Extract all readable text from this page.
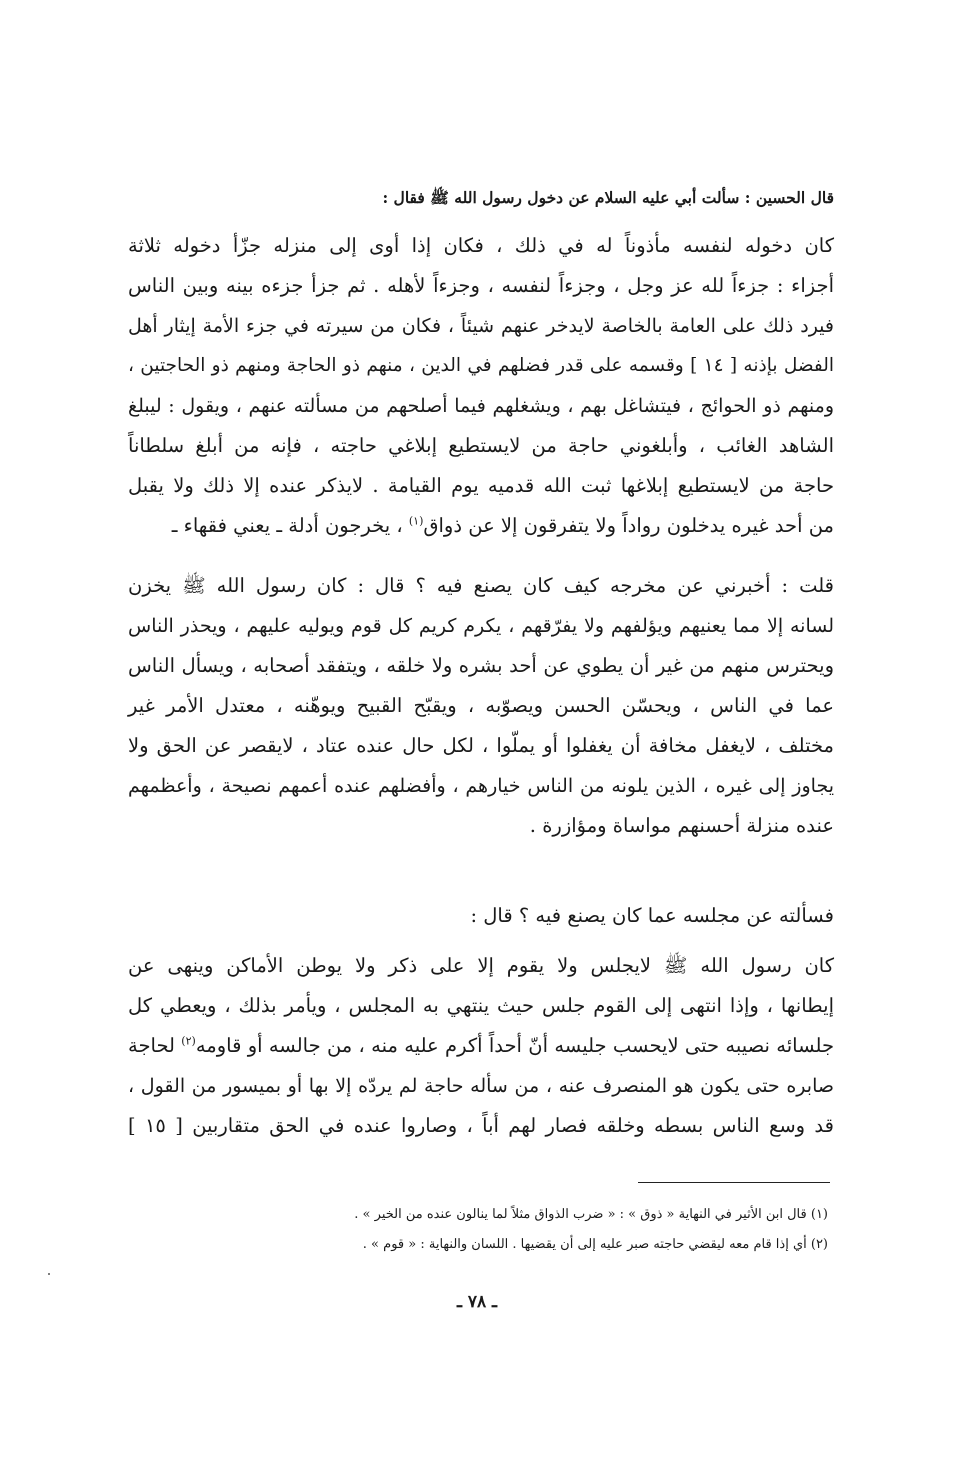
قال الحسين : سألت أبي عليه السلام عن دخول رسول الله ﷺ فقال :
كان دخوله لنفسه مأذوناً له في ذلك ، فكان إذا أوى إلى منزله جزّأ دخوله ثلاثة
أجزاء : جزءاً لله عز وجل ، وجزءاً لنفسه ، وجزءاً لأهله . ثم جزأ جزءه بينه وبين الناس
فيرد ذلك على العامة بالخاصة لايدخر عنهم شيئاً ، فكان من سيرته في جزء الأمة إيثار أهل
الفضل بإذنه [ ١٤ ] وقسمه على قدر فضلهم في الدين ، منهم ذو الحاجة ومنهم ذو الحاجتين ،
ومنهم ذو الحوائج ، فيتشاغل بهم ، ويشغلهم فيما أصلحهم من مسألته عنهم ، ويقول : ليبلغ
الشاهد الغائب ، وأبلغوني حاجة من لايستطيع إبلاغي حاجته ، فإنه من أبلغ سلطاناً
حاجة من لايستطيع إبلاغها ثبت الله قدميه يوم القيامة . لايذكر عنده إلا ذلك ولا يقبل
من أحد غيره يدخلون رواداً ولا يتفرقون إلا عن ذواق$^{(١)}$ ، يخرجون أدلة ـ يعني فقهاء ـ
قلت : أخبرني عن مخرجه كيف كان يصنع فيه ؟ قال : كان رسول الله ﷺ يخزن
لسانه إلا مما يعنيهم ويؤلفهم ولا يفرّقهم ، يكرم كريم كل قوم ويوليه عليهم ، ويحذر الناس
ويحترس منهم من غير أن يطوي عن أحد بشره ولا خلقه ، ويتفقد أصحابه ، ويسأل الناس
عما في الناس ، ويحسّن الحسن ويصوّبه ، ويقبّح القبيح ويوهّنه ، معتدل الأمر غير
مختلف ، لايغفل مخافة أن يغفلوا أو يملّوا ، لكل حال عنده عتاد ، لايقصر عن الحق ولا
يجاوز إلى غيره ، الذين يلونه من الناس خيارهم ، وأفضلهم عنده أعمهم نصيحة ، وأعظمهم
عنده منزلة أحسنهم مواساة ومؤازرة .
فسألته عن مجلسه عما كان يصنع فيه ؟ قال :
كان رسول الله ﷺ لايجلس ولا يقوم إلا على ذكر ولا يوطن الأماكن وينهى عن
إيطانها ، وإذا انتهى إلى القوم جلس حيث ينتهي به المجلس ، ويأمر بذلك ، ويعطي كل
جلسائه نصيبه حتى لايحسب جليسه أنّ أحداً أكرم عليه منه ، من جالسه أو قاومه$^{(٢)}$ لحاجة
صابره حتى يكون هو المنصرف عنه ، من سأله حاجة لم يردّه إلا بها أو بميسور من القول ،
قد وسع الناس بسطه وخلقه فصار لهم أباً ، وصاروا عنده في الحق متقاربين [ ١٥ ]
(١) قال ابن الأثير في النهاية « ذوق » : « ضرب الذواق مثلاً لما ينالون عنده من الخير » .
(٢) أي إذا قام معه ليقضي حاجته صبر عليه إلى أن يقضيها . اللسان والنهاية : « قوم » .
ـ ٧٨ ـ
